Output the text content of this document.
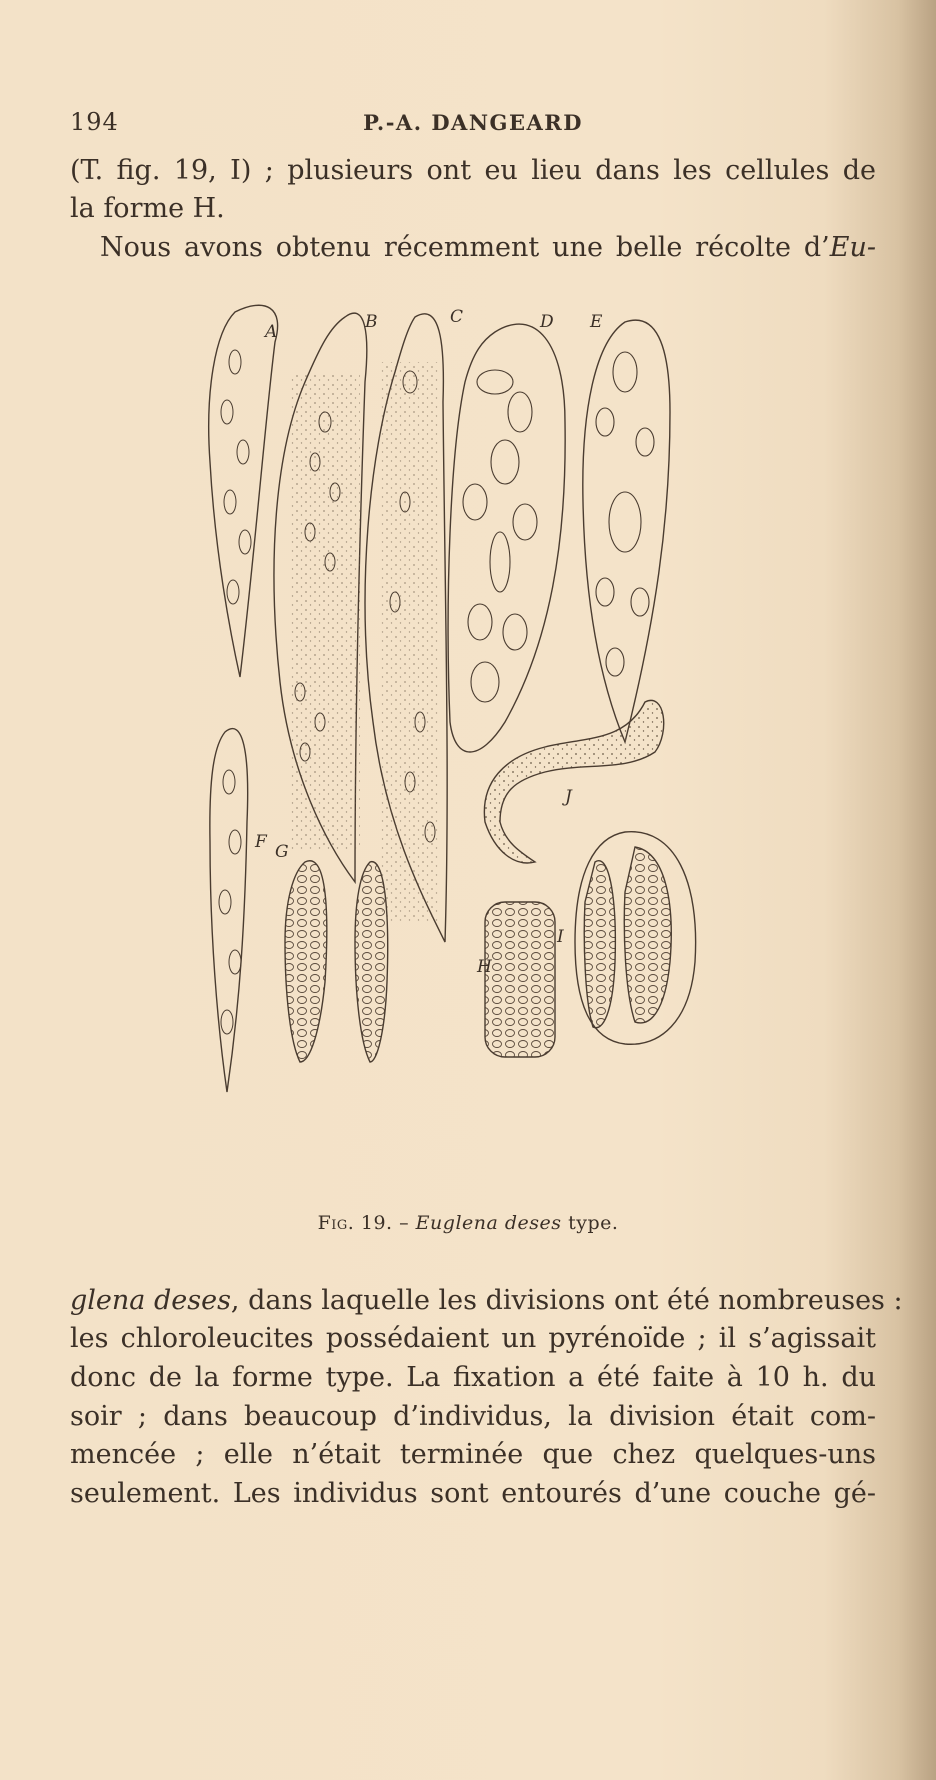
194	P.-A. DANGEARD
(T. fig. 19, I) ; plusieurs ont eu lieu dans les cellules de
la forme H.
Nous avons obtenu récemment une belle récolte d’Eu-
A	B	C	D E
F G
H
I
J
Fig. 19. – Euglena deses type.
glena deses, dans laquelle les divisions ont été nombreuses :
les chloroleucites possédaient un pyrénoïde ; il s’agissait
donc de la forme type. La fixation a été faite à 10 h. du
soir ; dans beaucoup d’individus, la division était com-
mencée ; elle n’était terminée que chez quelques-uns
seulement. Les individus sont entourés d’une couche gé-
